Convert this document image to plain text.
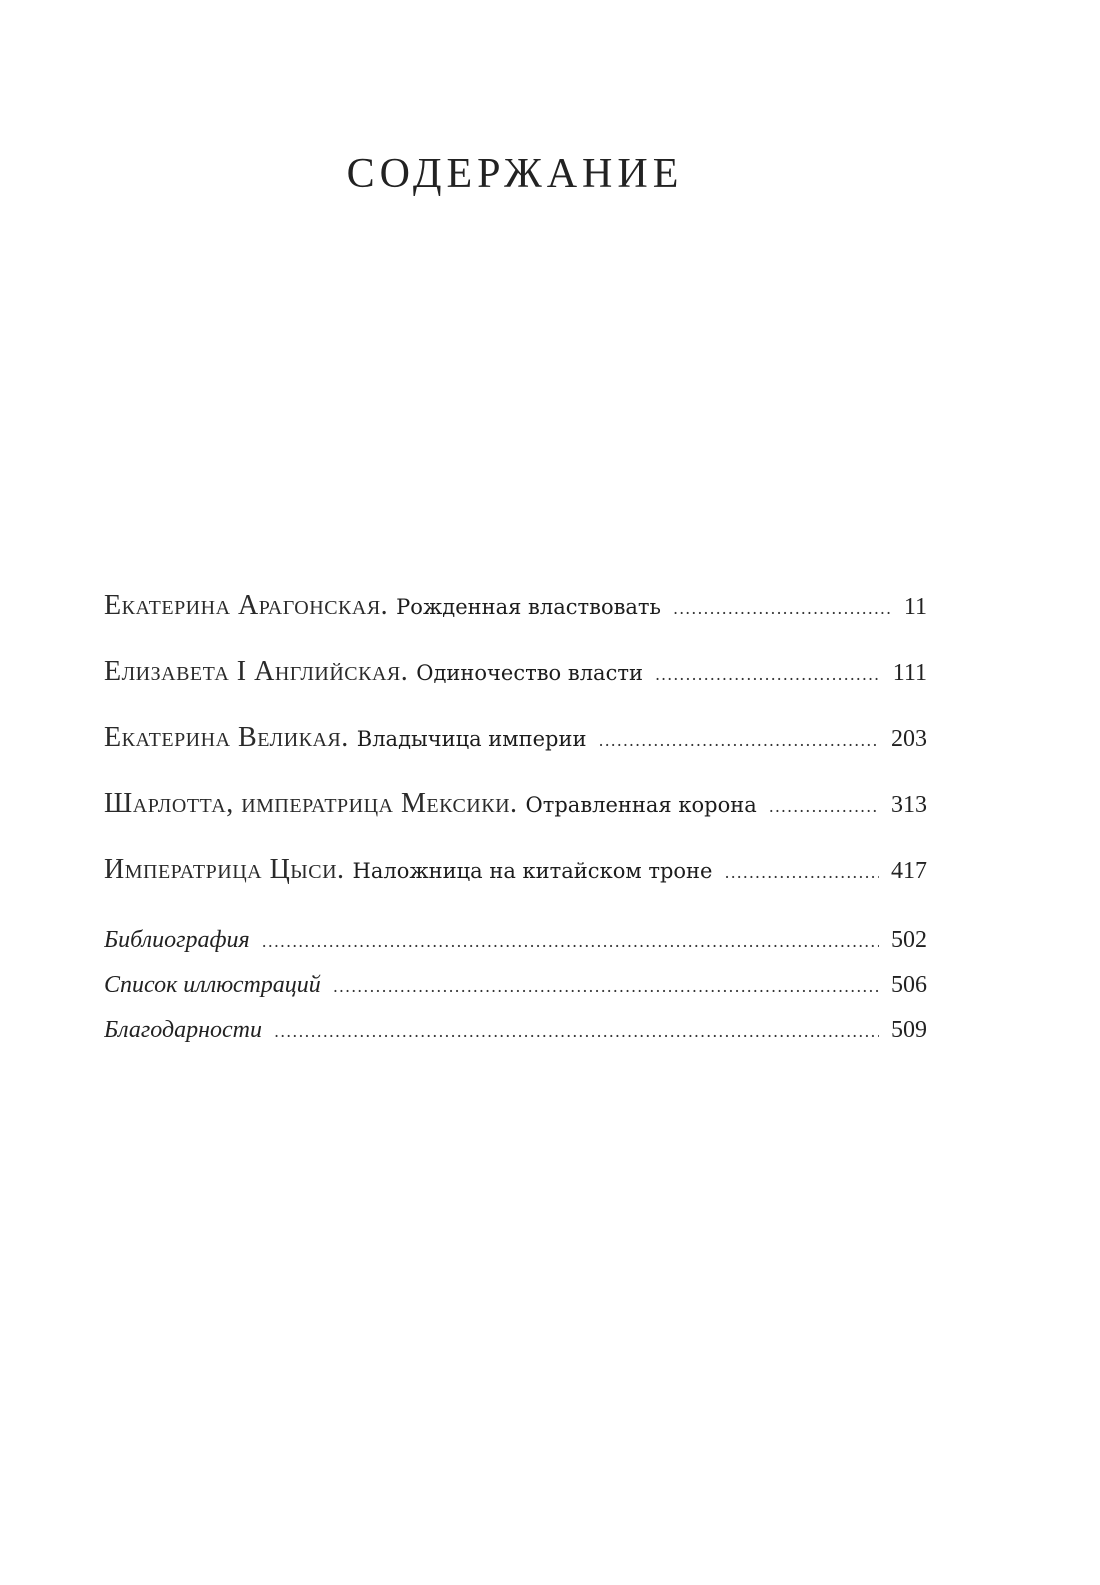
СОДЕРЖАНИЕ
Екатерина Арагонская. Рожденная властвовать .....	11
Елизавета I Английская. Одиночество власти .....	111
Екатерина Великая. Владычица империи .....	203
Шарлотта, императрица Мексики. Отравленная корона .....	313
Императрица Цыси. Наложница на китайском троне .....	417
Библиография .....	502
Список иллюстраций .....	506
Благодарности .....	509
